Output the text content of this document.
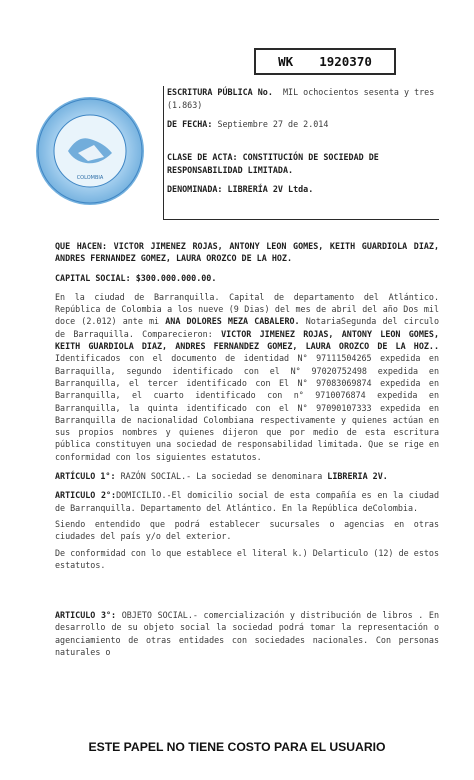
WK 1920370
COLOMBIA

ESCRITURA PÚBLICA No. MIL ochocientos sesenta y tres (1.863)

DE FECHA: Septiembre 27 de 2.014

CLASE DE ACTA: CONSTITUCIÓN DE SOCIEDAD DE RESPONSABILIDAD LIMITADA.

DENOMINADA: LIBRERÍA 2V Ltda.

QUE HACEN: VICTOR JIMENEZ ROJAS, ANTONY LEON GOMES, KEITH GUARDIOLA DIAZ, ANDRES FERNANDEZ GOMEZ, LAURA OROZCO DE LA HOZ.

CAPITAL SOCIAL: $300.000.000.00.

En la ciudad de Barranquilla. Capital de departamento del Atlántico. República de Colombia a los nueve (9 Dias) del mes de abril del año Dos mil doce (2.012) ante mi ANA DOLORES MEZA CABALERO. NotariaSegunda del circulo de Barraquilla. Comparecieron: VICTOR JIMENEZ ROJAS, ANTONY LEON GOMES, KEITH GUARDIOLA DIAZ, ANDRES FERNANDEZ GOMEZ, LAURA OROZCO DE LA HOZ.. Identificados con el documento de identidad N° 97111504265 expedida en Barraquilla, segundo identificado con el N° 97020752498 expedida en Barranquilla, el tercer identificado con El N° 97083069874 expedida en Barranquilla, el cuarto identificado con n° 9710076874 expedida en Barranquilla, la quinta identificado con el N° 97090107333 expedida en Barranquilla de nacionalidad Colombiana respectivamente y quienes actúan en sus propios nombres y quienes dijeron que por medio de esta escritura pública constituyen una sociedad de responsabilidad limitada. Que se rige en conformidad con los siguientes estatutos.

ARTÍCULO 1°: RAZÓN SOCIAL.- La sociedad se denominara LIBRERIA 2V.

ARTICULO 2°:DOMICILIO.-El domicilio social de esta compañía es en la ciudad de Barranquilla. Departamento del Atlántico. En la República deColombia.

Siendo entendido que podrá establecer sucursales o agencias en otras ciudades del país y/o del exterior.

De conformidad con lo que establece el literal k.) Delarticulo (12) de estos estatutos.

ARTICULO 3°: OBJETO SOCIAL.- comercialización y distribución de libros . En desarrollo de su objeto social la sociedad podrá tomar la representación o agenciamiento de otras entidades con sociedades nacionales. Con personas naturales o

ESTE PAPEL NO TIENE COSTO PARA EL USUARIO
